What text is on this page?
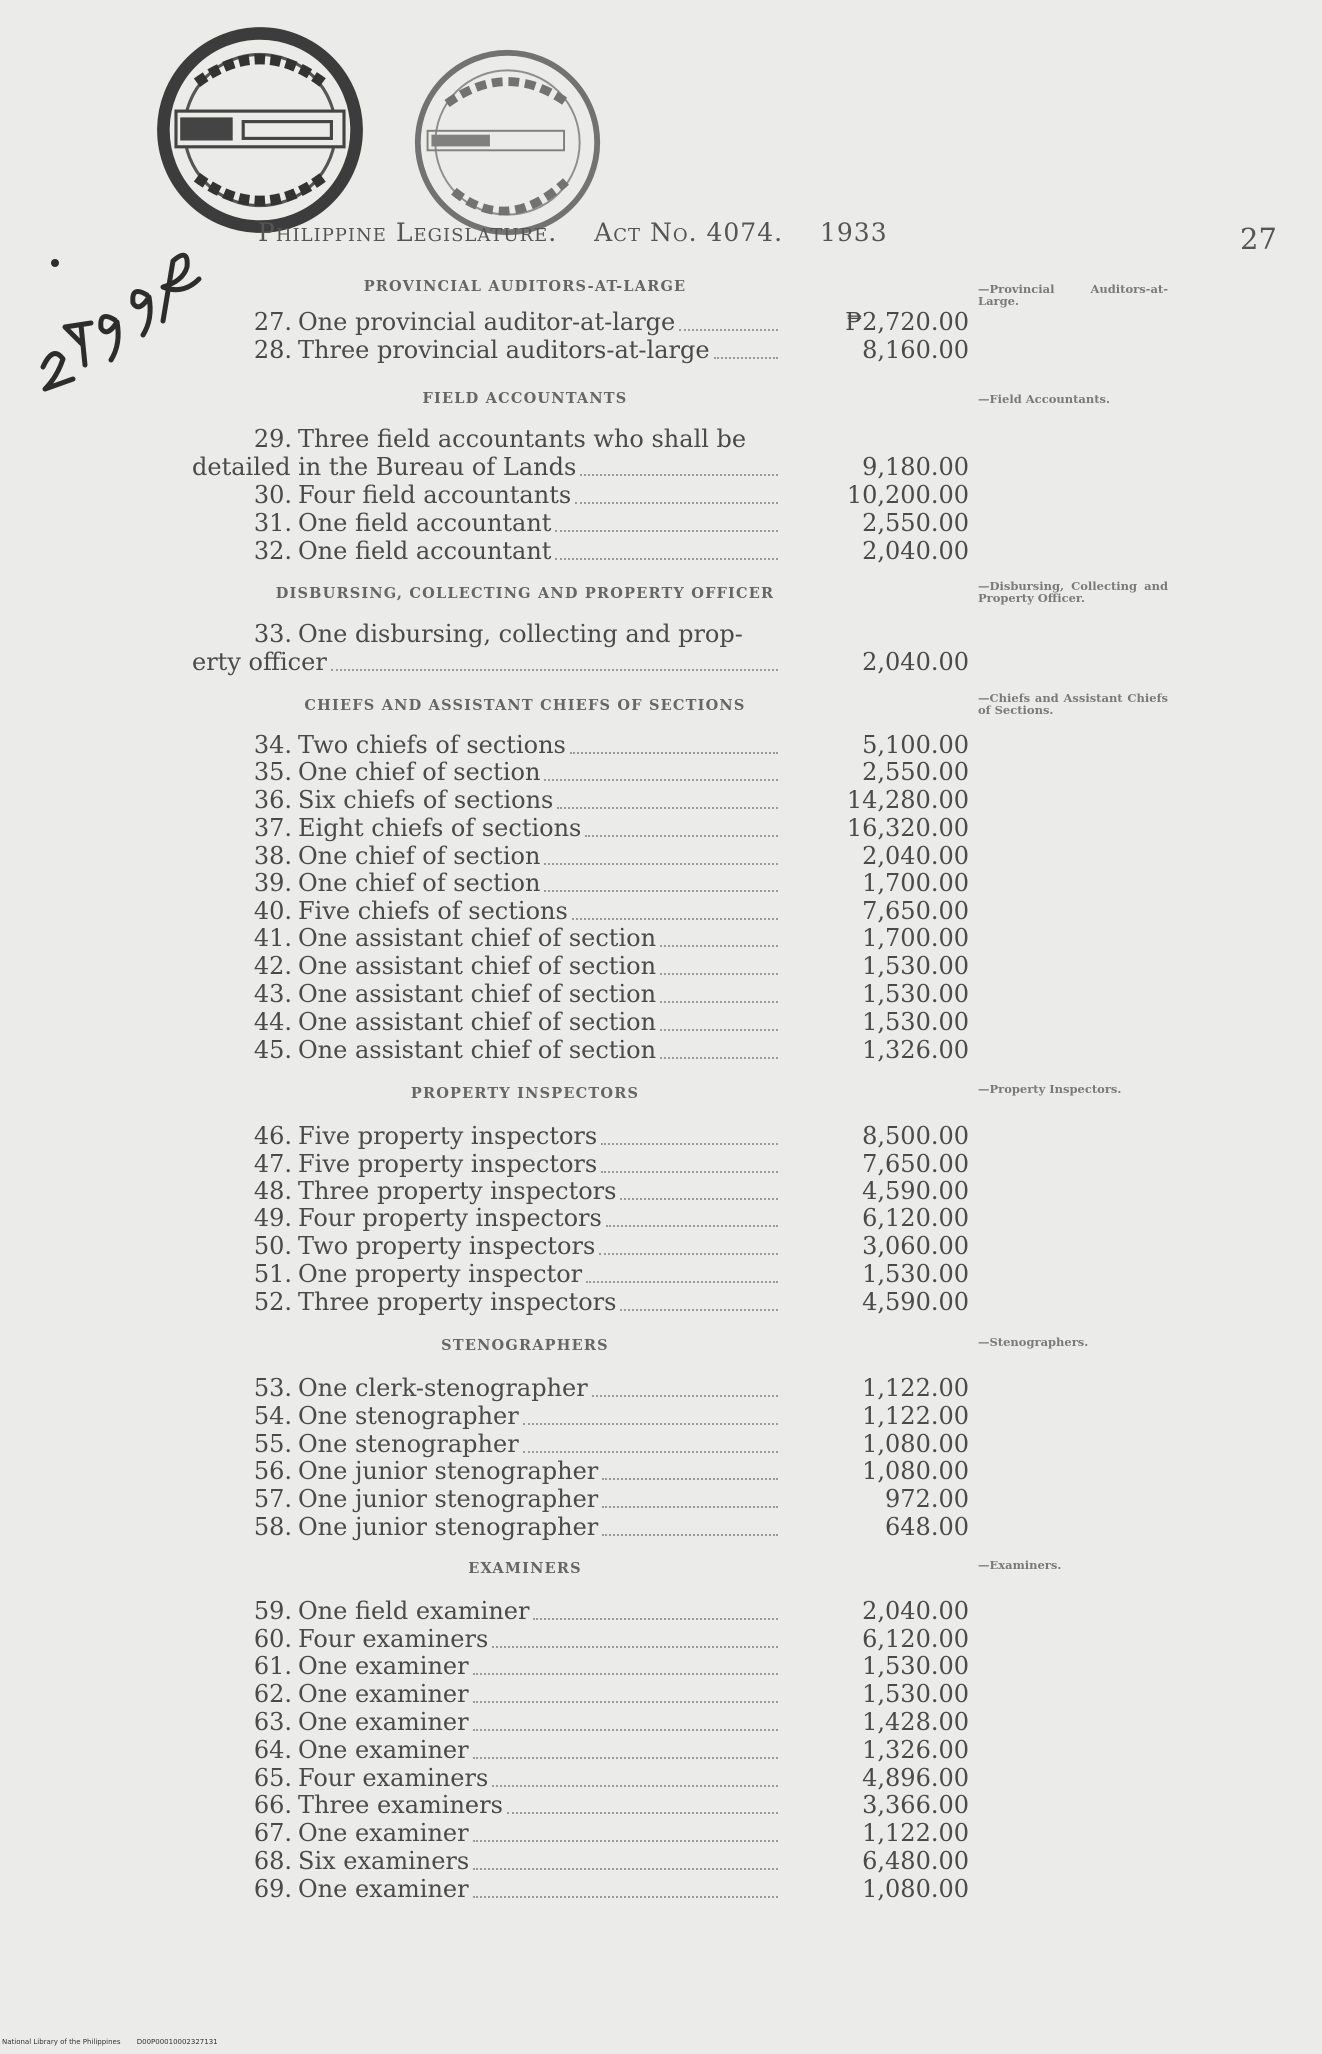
Philippine Legislature. Act No. 4074. 1933	27
PROVINCIAL AUDITORS-AT-LARGE
FIELD ACCOUNTANTS
DISBURSING, COLLECTING AND PROPERTY OFFICER
CHIEFS AND ASSISTANT CHIEFS OF SECTIONS
PROPERTY INSPECTORS
STENOGRAPHERS
EXAMINERS
—Provincial Auditors-at-Large.
—Field Accountants.
—Disbursing, Collecting and Property Officer.
—Chiefs and Assistant Chiefs of Sections.
—Property Inspectors.
—Stenographers.
—Examiners.
27. One provincial auditor-at-large	₱2,720.00
28. Three provincial auditors-at-large	8,160.00
29. Three field accountants who shall be
detailed in the Bureau of Lands	9,180.00
30. Four field accountants	10,200.00
31. One field accountant	2,550.00
32. One field accountant	2,040.00
33. One disbursing, collecting and prop-
erty officer	2,040.00
34. Two chiefs of sections	5,100.00
35. One chief of section	2,550.00
36. Six chiefs of sections	14,280.00
37. Eight chiefs of sections	16,320.00
38. One chief of section	2,040.00
39. One chief of section	1,700.00
40. Five chiefs of sections	7,650.00
41. One assistant chief of section	1,700.00
42. One assistant chief of section	1,530.00
43. One assistant chief of section	1,530.00
44. One assistant chief of section	1,530.00
45. One assistant chief of section	1,326.00
46. Five property inspectors	8,500.00
47. Five property inspectors	7,650.00
48. Three property inspectors	4,590.00
49. Four property inspectors	6,120.00
50. Two property inspectors	3,060.00
51. One property inspector	1,530.00
52. Three property inspectors	4,590.00
53. One clerk-stenographer	1,122.00
54. One stenographer	1,122.00
55. One stenographer	1,080.00
56. One junior stenographer	1,080.00
57. One junior stenographer	972.00
58. One junior stenographer	648.00
59. One field examiner	2,040.00
60. Four examiners	6,120.00
61. One examiner	1,530.00
62. One examiner	1,530.00
63. One examiner	1,428.00
64. One examiner	1,326.00
65. Four examiners	4,896.00
66. Three examiners	3,366.00
67. One examiner	1,122.00
68. Six examiners	6,480.00
69. One examiner	1,080.00
National Library of the Philippines D00P00010002327131
